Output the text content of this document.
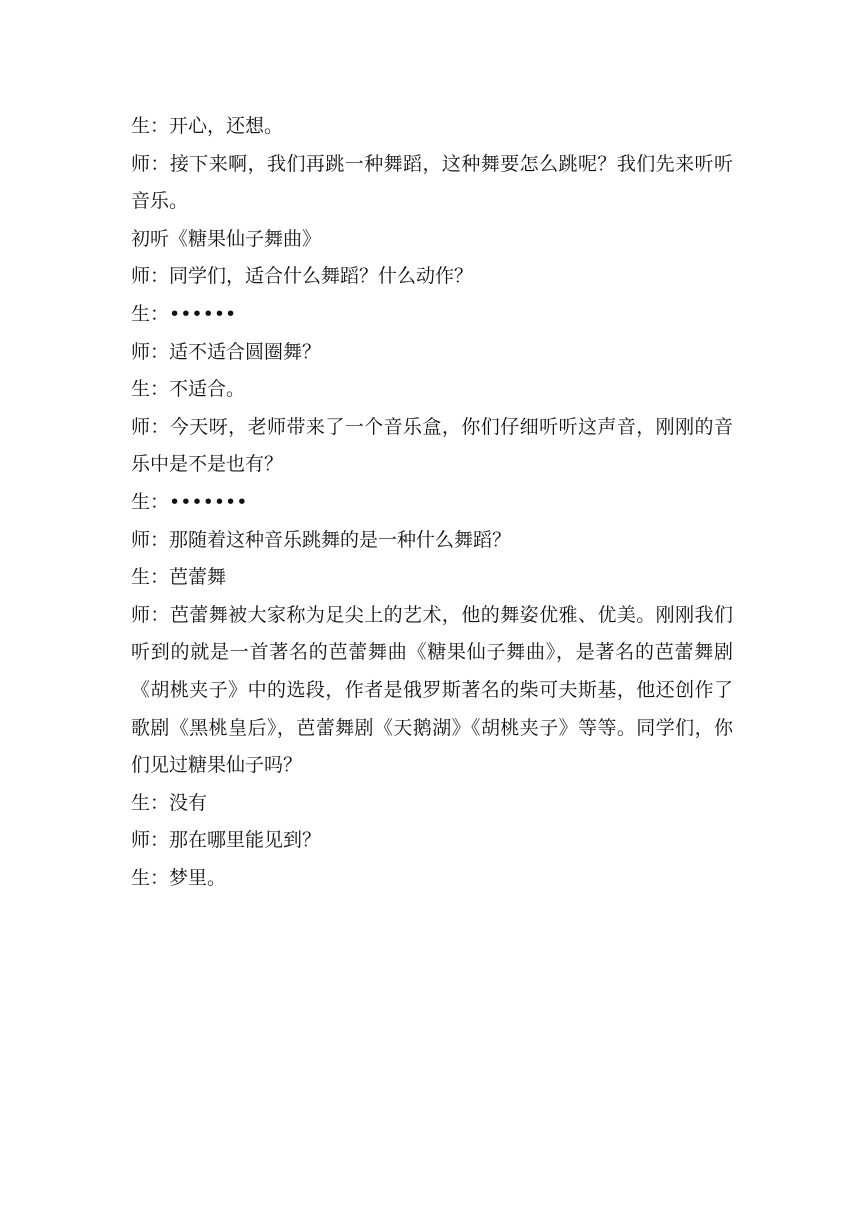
生：开心，还想。

师：接下来啊，我们再跳一种舞蹈，这种舞要怎么跳呢？我们先来听听音乐。

初听《糖果仙子舞曲》

师：同学们，适合什么舞蹈？什么动作？

生：••••••

师：适不适合圆圈舞？

生：不适合。

师：今天呀，老师带来了一个音乐盒，你们仔细听听这声音，刚刚的音乐中是不是也有？

生：•••••••

师：那随着这种音乐跳舞的是一种什么舞蹈？

生：芭蕾舞

师：芭蕾舞被大家称为足尖上的艺术，他的舞姿优雅、优美。刚刚我们听到的就是一首著名的芭蕾舞曲《糖果仙子舞曲》，是著名的芭蕾舞剧《胡桃夹子》中的选段，作者是俄罗斯著名的柴可夫斯基，他还创作了歌剧《黑桃皇后》，芭蕾舞剧《天鹅湖》《胡桃夹子》等等。同学们，你们见过糖果仙子吗？

生：没有

师：那在哪里能见到？

生：梦里。
